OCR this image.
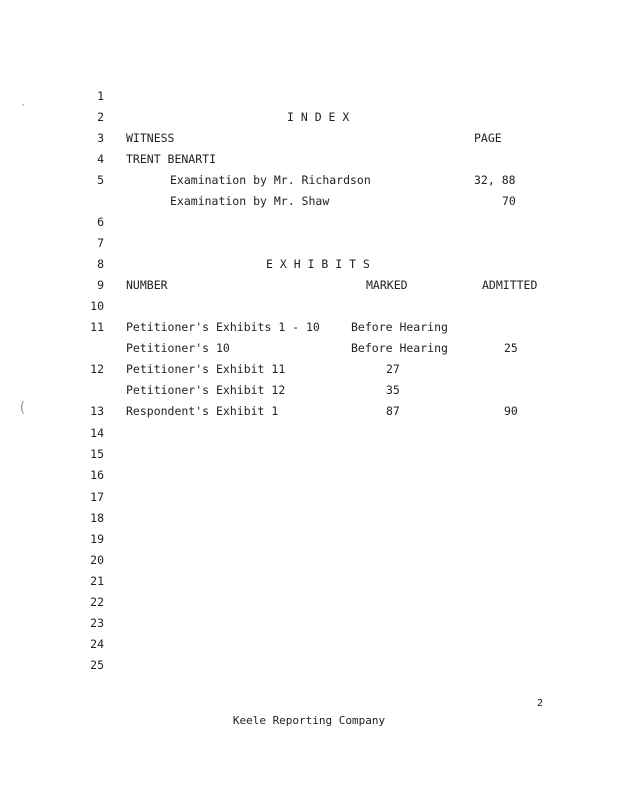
·
(
1
2
3
4
5
6
7
8
9
10
11
12
13
14
15
16
17
18
19
20
21
22
23
24
25
I N D E X
WITNESS	PAGE
TRENT BENARTI
Examination by Mr. Richardson	32, 88
Examination by Mr. Shaw	70
E X H I B I T S
NUMBER	MARKED	ADMITTED
Petitioner's Exhibits 1 - 10	Before Hearing
Petitioner's 10	Before Hearing	25
Petitioner's Exhibit 11	27
Petitioner's Exhibit 12	35
Respondent's Exhibit 1	87	90
2
Keele Reporting Company
